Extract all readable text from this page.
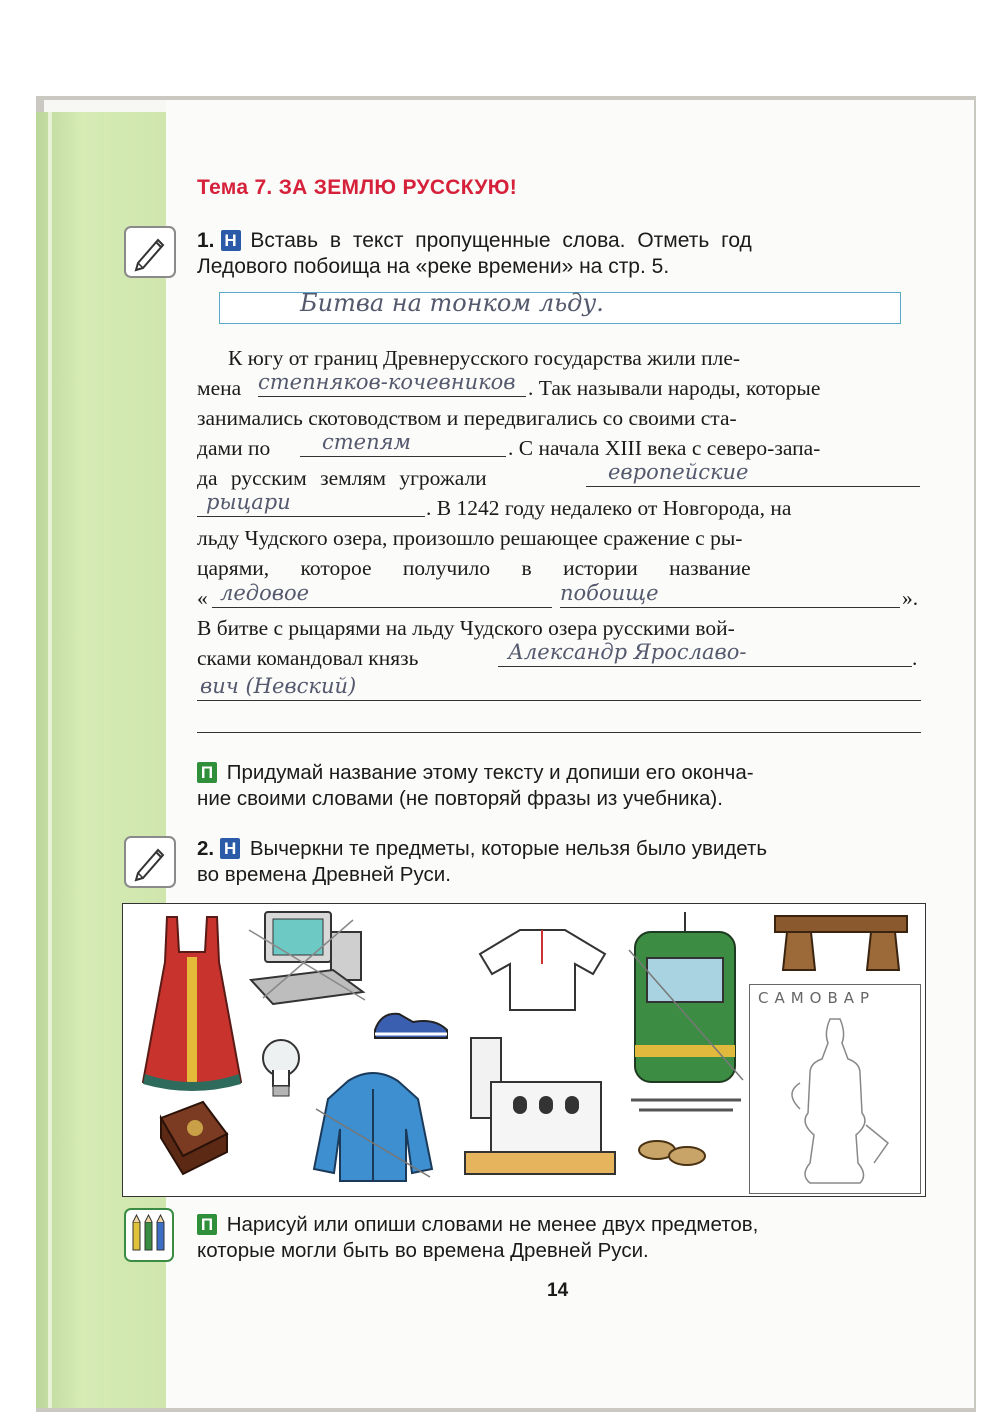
Тема 7. ЗА ЗЕМЛЮ РУССКУЮ!
1. Н Вставь в текст пропущенные слова. Отметь год
Ледового побоища на «реке времени» на стр. 5.
Битва на тонком льду.
К югу от границ Древнерусского государства жили пле-
мена степняков-кочевников . Так называли народы, которые
занимались скотоводством и передвигались со своими ста-
дами по степям	. С начала XIII века с северо-запа-
да русским землям угрожали	европейские
рыцари	. В 1242 году недалеко от Новгорода, на
льду Чудского озера, произошло решающее сражение с ры-
царями, которое получило в истории название
« ледовое	побоище	».
В битве с рыцарями на льду Чудского озера русскими вой-
сками командовал князь	Александр Ярославо-	.
вич (Невский)
П Придумай название этому тексту и допиши его оконча-
ние своими словами (не повторяй фразы из учебника).
2. Н Вычеркни те предметы, которые нельзя было увидеть
во времена Древней Руси.
САМОВАР
П Нарисуй или опиши словами не менее двух предметов,
которые могли быть во времена Древней Руси.
14
